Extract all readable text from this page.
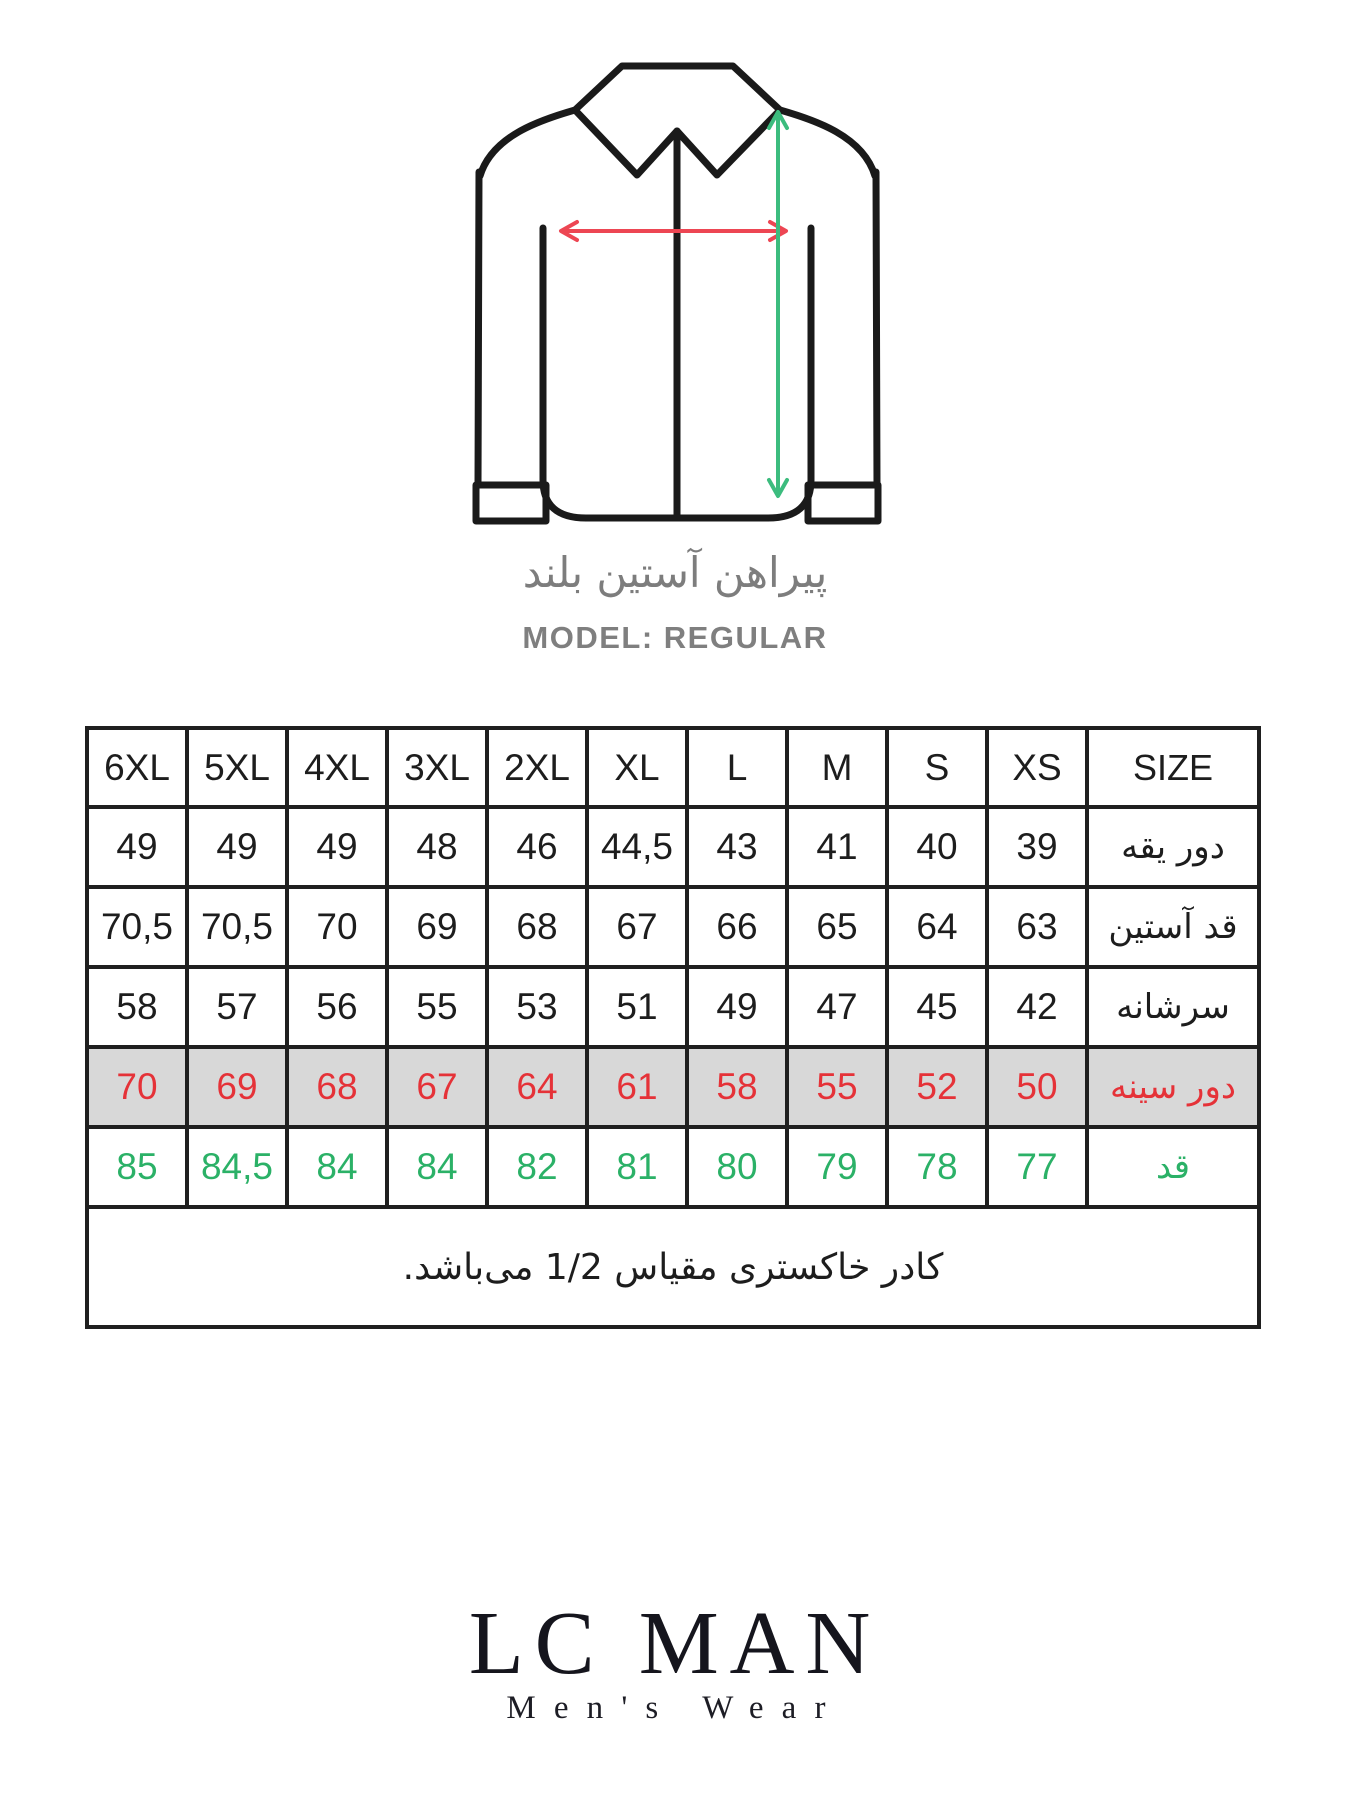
پیراهن آستین بلند
MODEL: REGULAR
6XL	5XL	4XL	3XL	2XL	XL	L	M	S	XS	SIZE
49	49	49	48	46	44,5	43	41	40	39	دور یقه
70,5	70,5	70	69	68	67	66	65	64	63	قد آستین
58	57	56	55	53	51	49	47	45	42	سرشانه
70	69	68	67	64	61	58	55	52	50	دور سینه
85	84,5	84	84	82	81	80	79	78	77	قد
کادر خاکستری مقیاس 1/2 می‌باشد.										
LC MAN
Men's Wear
